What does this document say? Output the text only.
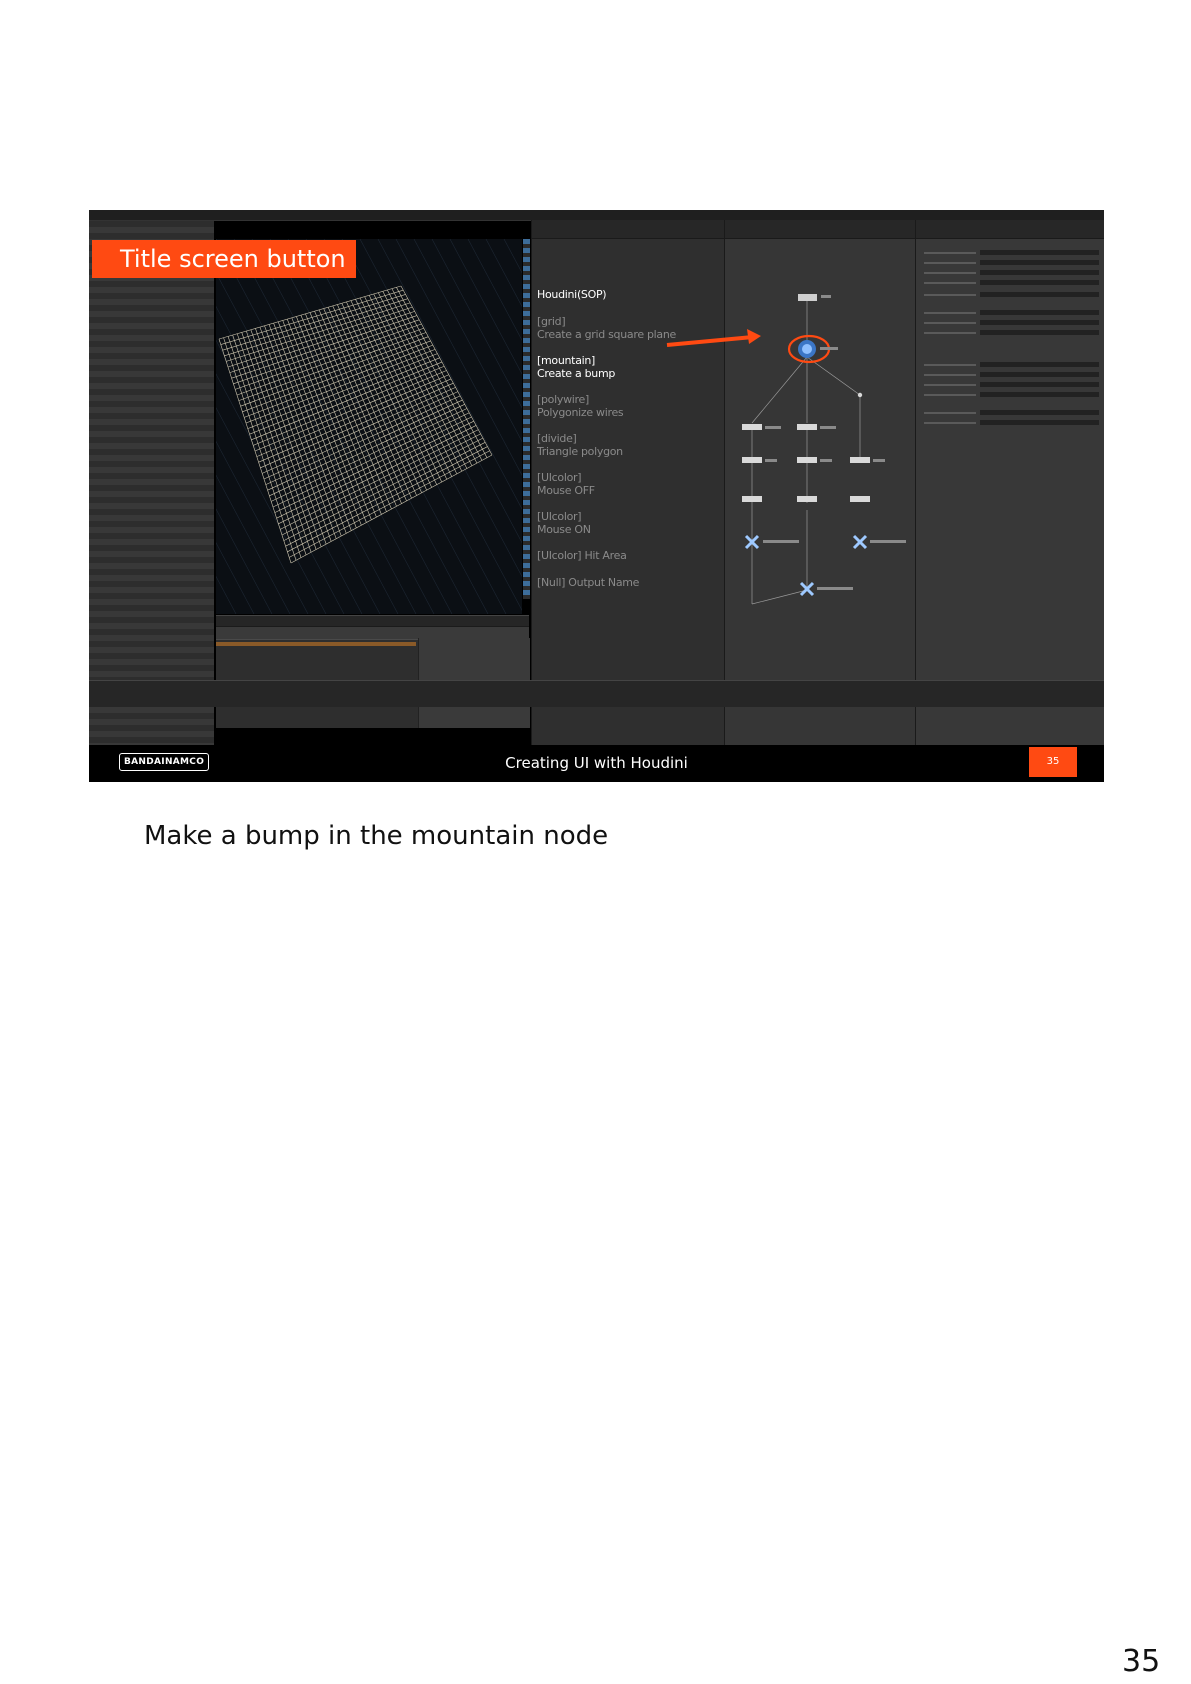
Title screen button
Houdini(SOP)
[grid]
Create a grid square plane
[mountain]
Create a bump
[polywire]
Polygonize wires
[divide]
Triangle polygon
[UIcolor]
Mouse OFF
[UIcolor]
Mouse ON
[UIcolor] Hit Area
[Null] Output Name
BANDAINAMCO	Creating UI with Houdini	35
Make a bump in the mountain node
35
